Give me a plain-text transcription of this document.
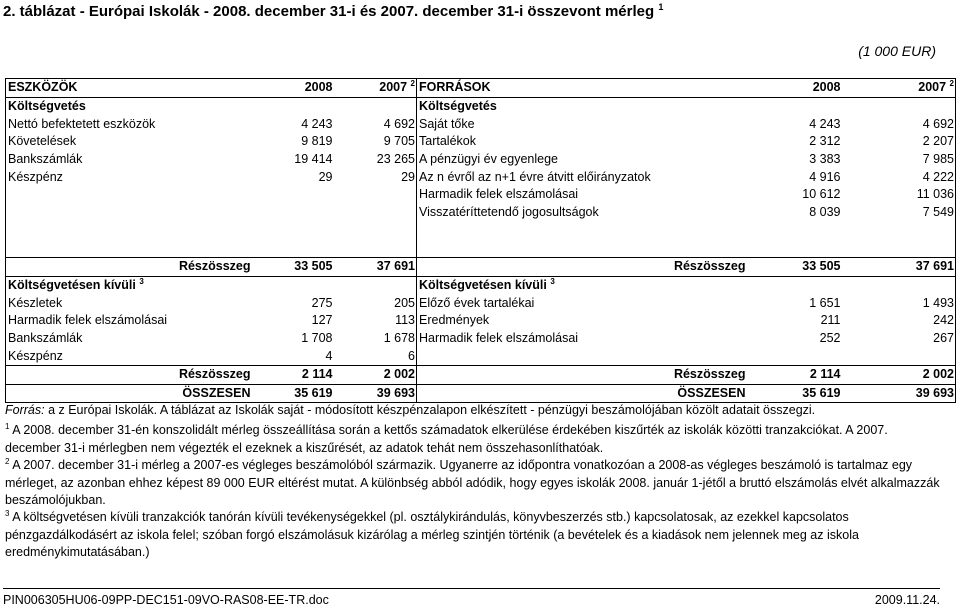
2. táblázat - Európai Iskolák - 2008. december 31-i és 2007. december 31-i összevont mérleg $^1$
(1 000 EUR)
ESZKÖZÖK	2008	2007 $^2$	FORRÁSOK	2008	2007 $^2$
Költségvetés			Költségvetés		
Nettó befektetett eszközök	4 243	4 692	Saját tőke	4 243	4 692
Követelések	9 819	9 705	Tartalékok	2 312	2 207
Bankszámlák	19 414	23 265	A pénzügyi év egyenlege	3 383	7 985
Készpénz	29	29	Az n évről az n+1 évre átvitt előirányzatok	4 916	4 222
			Harmadik felek elszámolásai	10 612	11 036
			Visszatéríttetendő jogosultságok	8 039	7 549

Részösszeg	33 505	37 691	Részösszeg	33 505	37 691
Költségvetésen kívüli $^3$			Költségvetésen kívüli $^3$		
Készletek	275	205	Előző évek tartalékai	1 651	1 493
Harmadik felek elszámolásai	127	113	Eredmények	211	242
Bankszámlák	1 708	1 678	Harmadik felek elszámolásai	252	267
Készpénz	4	6			
Részösszeg	2 114	2 002	Részösszeg	2 114	2 002
ÖSSZESEN	35 619	39 693	ÖSSZESEN	35 619	39 693

Forrás: a z Európai Iskolák. A táblázat az Iskolák saját - módosított készpénzalapon elkészített - pénzügyi beszámolójában közölt adatait összegzi.

$^1$ A 2008. december 31-én konszolidált mérleg összeállítása során a kettős számadatok elkerülése érdekében kiszűrték az iskolák közötti tranzakciókat. A 2007. december 31-i mérlegben nem végezték el ezeknek a kiszűrését, az adatok tehát nem összehasonlíthatóak.

$^2$ A 2007. december 31-i mérleg a 2007-es végleges beszámolóból származik. Ugyanerre az időpontra vonatkozóan a 2008-as végleges beszámoló is tartalmaz egy mérleget, az azonban ehhez képest 89 000 EUR eltérést mutat. A különbség abból adódik, hogy egyes iskolák 2008. január 1-jétől a bruttó elszámolás elvét alkalmazzák beszámolójukban.

$^3$ A költségvetésen kívüli tranzakciók tanórán kívüli tevékenységekkel (pl. osztálykirándulás, könyvbeszerzés stb.) kapcsolatosak, az ezekkel kapcsolatos pénzgazdálkodásért az iskola felel; szóban forgó elszámolásuk kizárólag a mérleg szintjén történik (a bevételek és a kiadások nem jelennek meg az iskola eredménykimutatásában.)

PIN006305HU06-09PP-DEC151-09VO-RAS08-EE-TR.doc	2009.11.24.
